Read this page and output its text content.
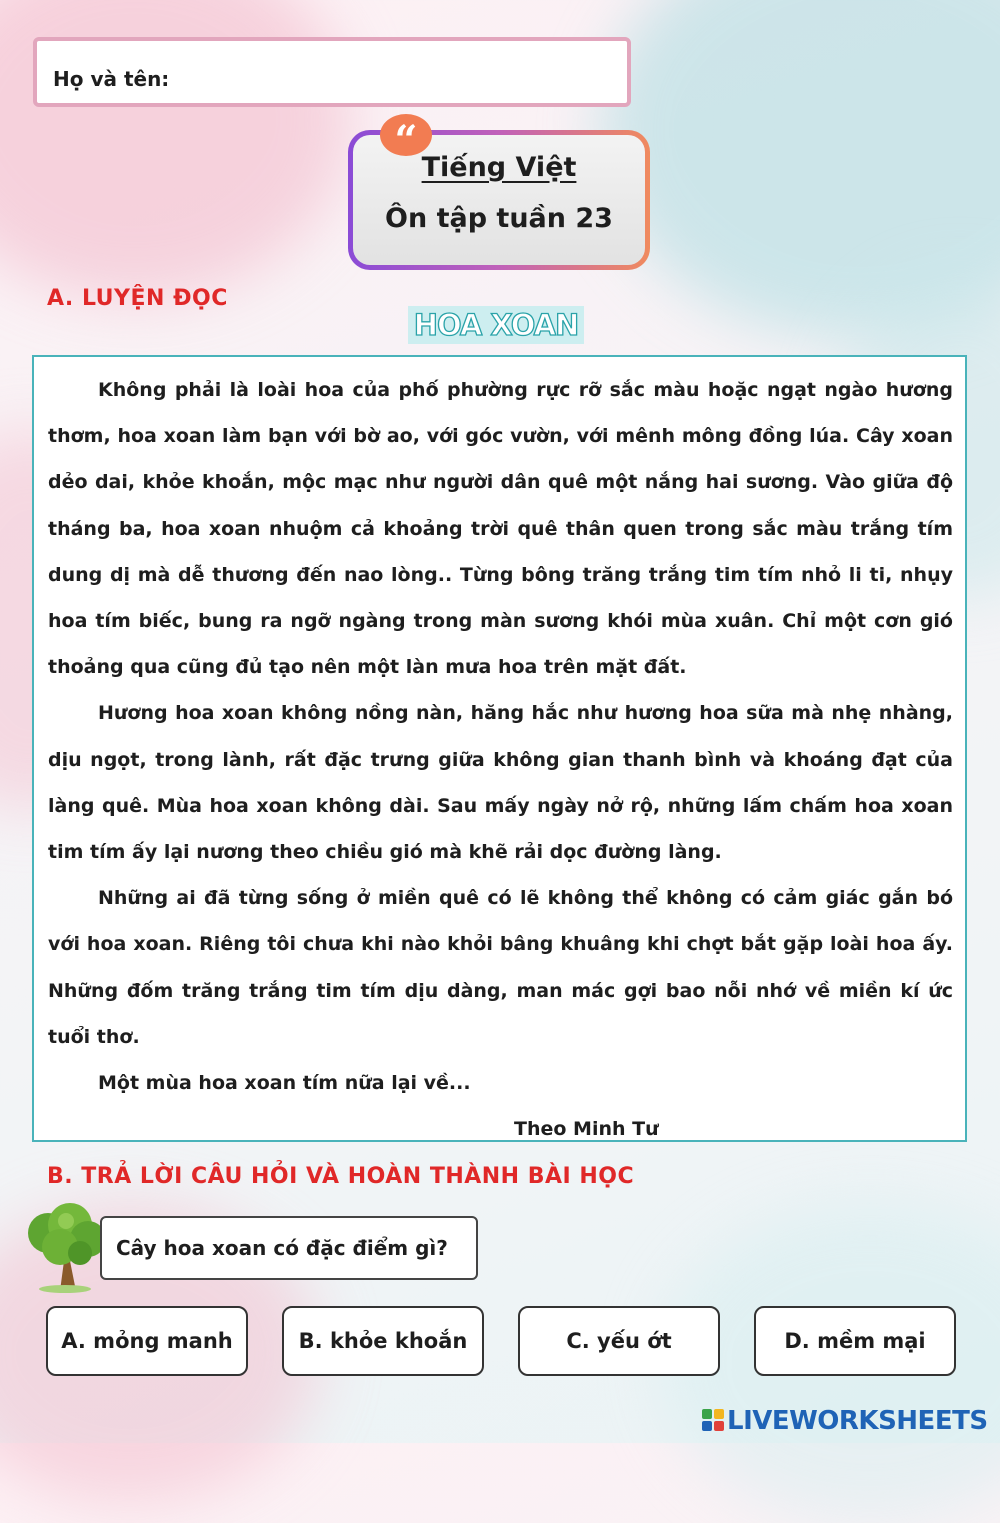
Họ và tên:
Tiếng Việt
Ôn tập tuần 23
“
A. LUYỆN ĐỌC
HOA XOAN

Không phải là loài hoa của phố phường rực rỡ sắc màu hoặc ngạt ngào hương thơm, hoa xoan làm bạn với bờ ao, với góc vườn, với mênh mông đồng lúa. Cây xoan dẻo dai, khỏe khoắn, mộc mạc như người dân quê một nắng hai sương. Vào giữa độ tháng ba, hoa xoan nhuộm cả khoảng trời quê thân quen trong sắc màu trắng tím dung dị mà dễ thương đến nao lòng.. Từng bông trăng trắng tim tím nhỏ li ti, nhụy hoa tím biếc, bung ra ngỡ ngàng trong màn sương khói mùa xuân. Chỉ một cơn gió thoảng qua cũng đủ tạo nên một làn mưa hoa trên mặt đất.

Hương hoa xoan không nồng nàn, hăng hắc như hương hoa sữa mà nhẹ nhàng, dịu ngọt, trong lành, rất đặc trưng giữa không gian thanh bình và khoáng đạt của làng quê. Mùa hoa xoan không dài. Sau mấy ngày nở rộ, những lấm chấm hoa xoan tim tím ấy lại nương theo chiều gió mà khẽ rải dọc đường làng.

Những ai đã từng sống ở miền quê có lẽ không thể không có cảm giác gắn bó với hoa xoan. Riêng tôi chưa khi nào khỏi bâng khuâng khi chợt bắt gặp loài hoa ấy. Những đốm trăng trắng tim tím dịu dàng, man mác gợi bao nỗi nhớ về miền kí ức tuổi thơ.

Một mùa hoa xoan tím nữa lại về...

Theo Minh Tư

B. TRẢ LỜI CÂU HỎI VÀ HOÀN THÀNH BÀI HỌC
Cây hoa xoan có đặc điểm gì?
A. mỏng manh	B. khỏe khoắn	C. yếu ớt	D. mềm mại
LIVEWORKSHEETS
